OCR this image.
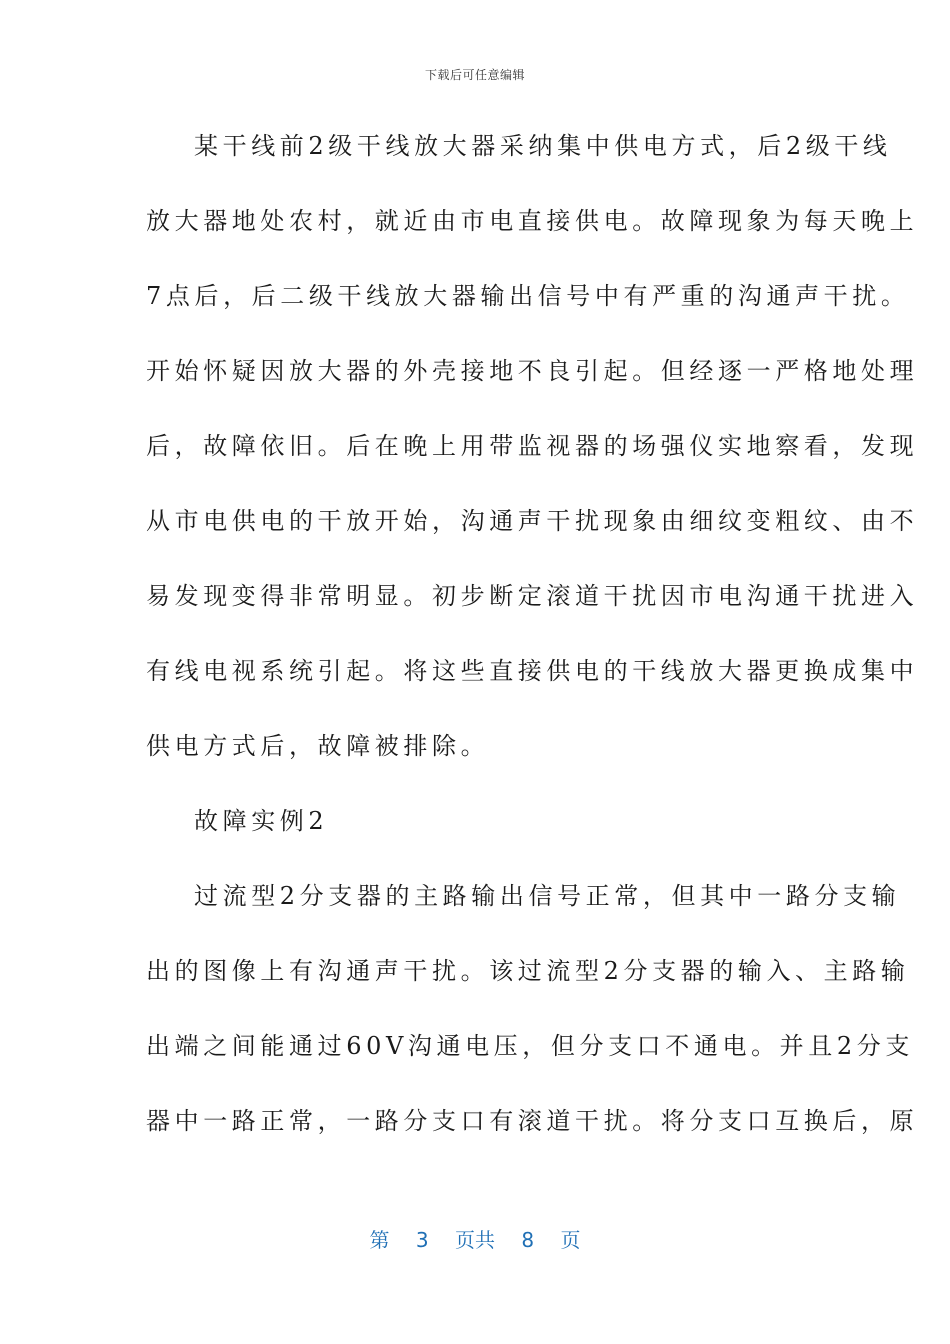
下载后可任意编辑
某干线前2级干线放大器采纳集中供电方式，后2级干线
放大器地处农村，就近由市电直接供电。故障现象为每天晚上
7点后，后二级干线放大器输出信号中有严重的沟通声干扰。
开始怀疑因放大器的外壳接地不良引起。但经逐一严格地处理
后，故障依旧。后在晚上用带监视器的场强仪实地察看，发现
从市电供电的干放开始，沟通声干扰现象由细纹变粗纹、由不
易发现变得非常明显。初步断定滚道干扰因市电沟通干扰进入
有线电视系统引起。将这些直接供电的干线放大器更换成集中
供电方式后，故障被排除。
故障实例2
过流型2分支器的主路输出信号正常，但其中一路分支输
出的图像上有沟通声干扰。该过流型2分支器的输入、主路输
出端之间能通过60V沟通电压，但分支口不通电。并且2分支
器中一路正常，一路分支口有滚道干扰。将分支口互换后，原
第 3 页共 8 页
